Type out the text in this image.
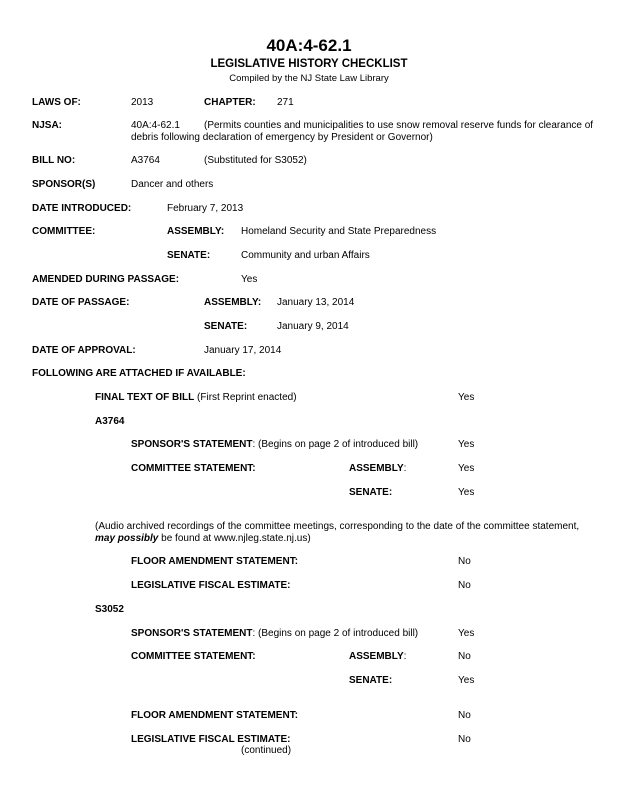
40A:4-62.1
LEGISLATIVE HISTORY CHECKLIST
Compiled by the NJ State Law Library
LAWS OF:	2013	CHAPTER: 271
NJSA:	40A:4-62.1 (Permits counties and municipalities to use snow removal reserve funds for clearance of
debris following declaration of emergency by President or Governor)
BILL NO:	A3764	(Substituted for S3052)
SPONSOR(S)	Dancer and others
DATE INTRODUCED:	February 7, 2013
COMMITTEE:	ASSEMBLY: Homeland Security and State Preparedness
SENATE:	Community and urban Affairs
AMENDED DURING PASSAGE:	Yes
DATE OF PASSAGE:	ASSEMBLY: January 13, 2014
SENATE:	January 9, 2014
DATE OF APPROVAL:	January 17, 2014
FOLLOWING ARE ATTACHED IF AVAILABLE:
FINAL TEXT OF BILL (First Reprint enacted)	Yes
A3764
SPONSOR'S STATEMENT: (Begins on page 2 of introduced bill)	Yes
COMMITTEE STATEMENT:	ASSEMBLY:	Yes
SENATE:	Yes
(Audio archived recordings of the committee meetings, corresponding to the date of the committee statement, may possibly be found at www.njleg.state.nj.us)
FLOOR AMENDMENT STATEMENT:	No
LEGISLATIVE FISCAL ESTIMATE:	No
S3052
SPONSOR'S STATEMENT: (Begins on page 2 of introduced bill)	Yes
COMMITTEE STATEMENT:	ASSEMBLY:	No
SENATE:	Yes
FLOOR AMENDMENT STATEMENT:	No
LEGISLATIVE FISCAL ESTIMATE:	No
(continued)
